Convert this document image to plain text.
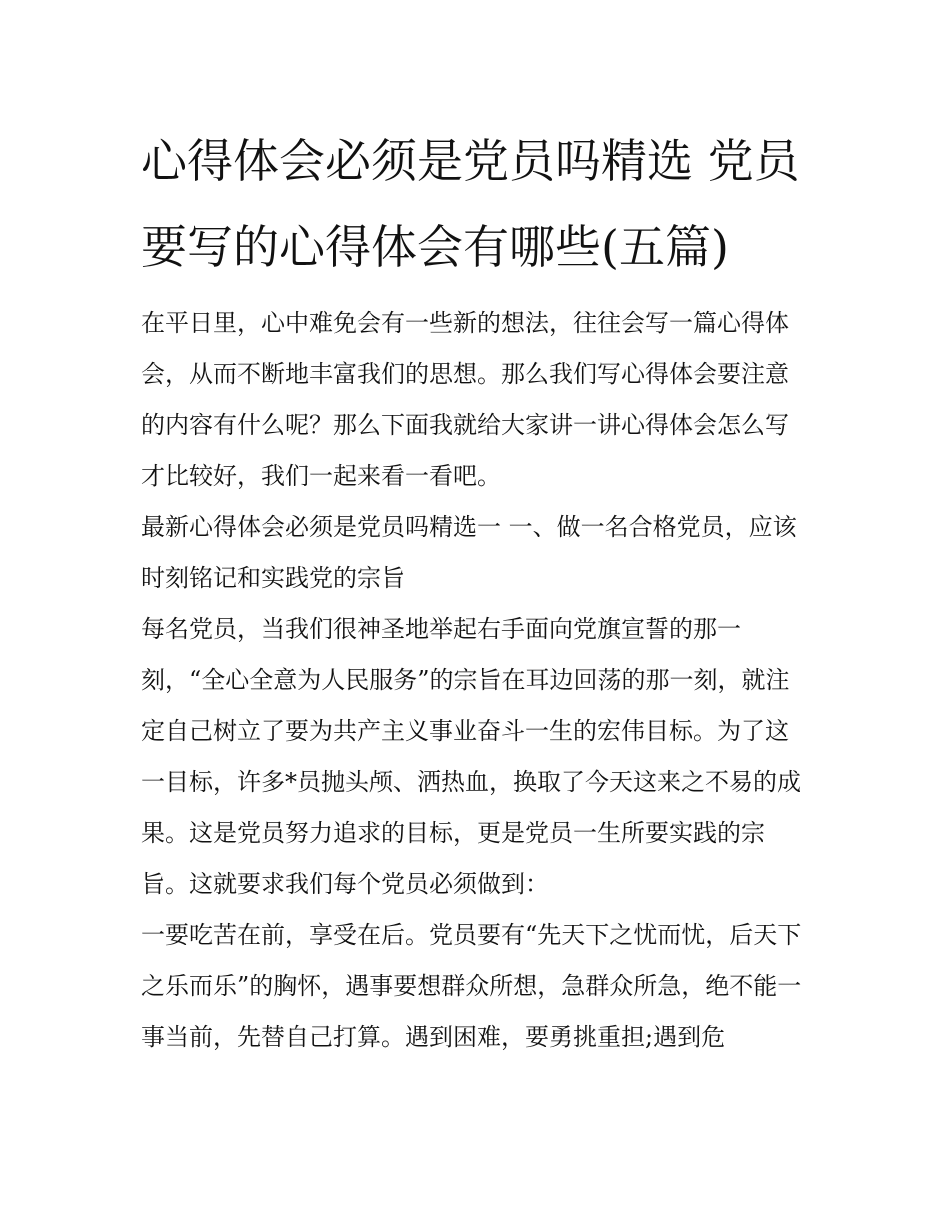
心得体会必须是党员吗精选 党员要写的心得体会有哪些(五篇)

在平日里，心中难免会有一些新的想法，往往会写一篇心得体会，从而不断地丰富我们的思想。那么我们写心得体会要注意的内容有什么呢？那么下面我就给大家讲一讲心得体会怎么写才比较好，我们一起来看一看吧。

最新心得体会必须是党员吗精选一 一、做一名合格党员，应该时刻铭记和实践党的宗旨

每名党员，当我们很神圣地举起右手面向党旗宣誓的那一刻，“全心全意为人民服务”的宗旨在耳边回荡的那一刻，就注定自己树立了要为共产主义事业奋斗一生的宏伟目标。为了这一目标，许多*员抛头颅、洒热血，换取了今天这来之不易的成果。这是党员努力追求的目标，更是党员一生所要实践的宗旨。这就要求我们每个党员必须做到：

一要吃苦在前，享受在后。党员要有“先天下之忧而忧，后天下之乐而乐”的胸怀，遇事要想群众所想，急群众所急，绝不能一事当前，先替自己打算。遇到困难，要勇挑重担;遇到危
